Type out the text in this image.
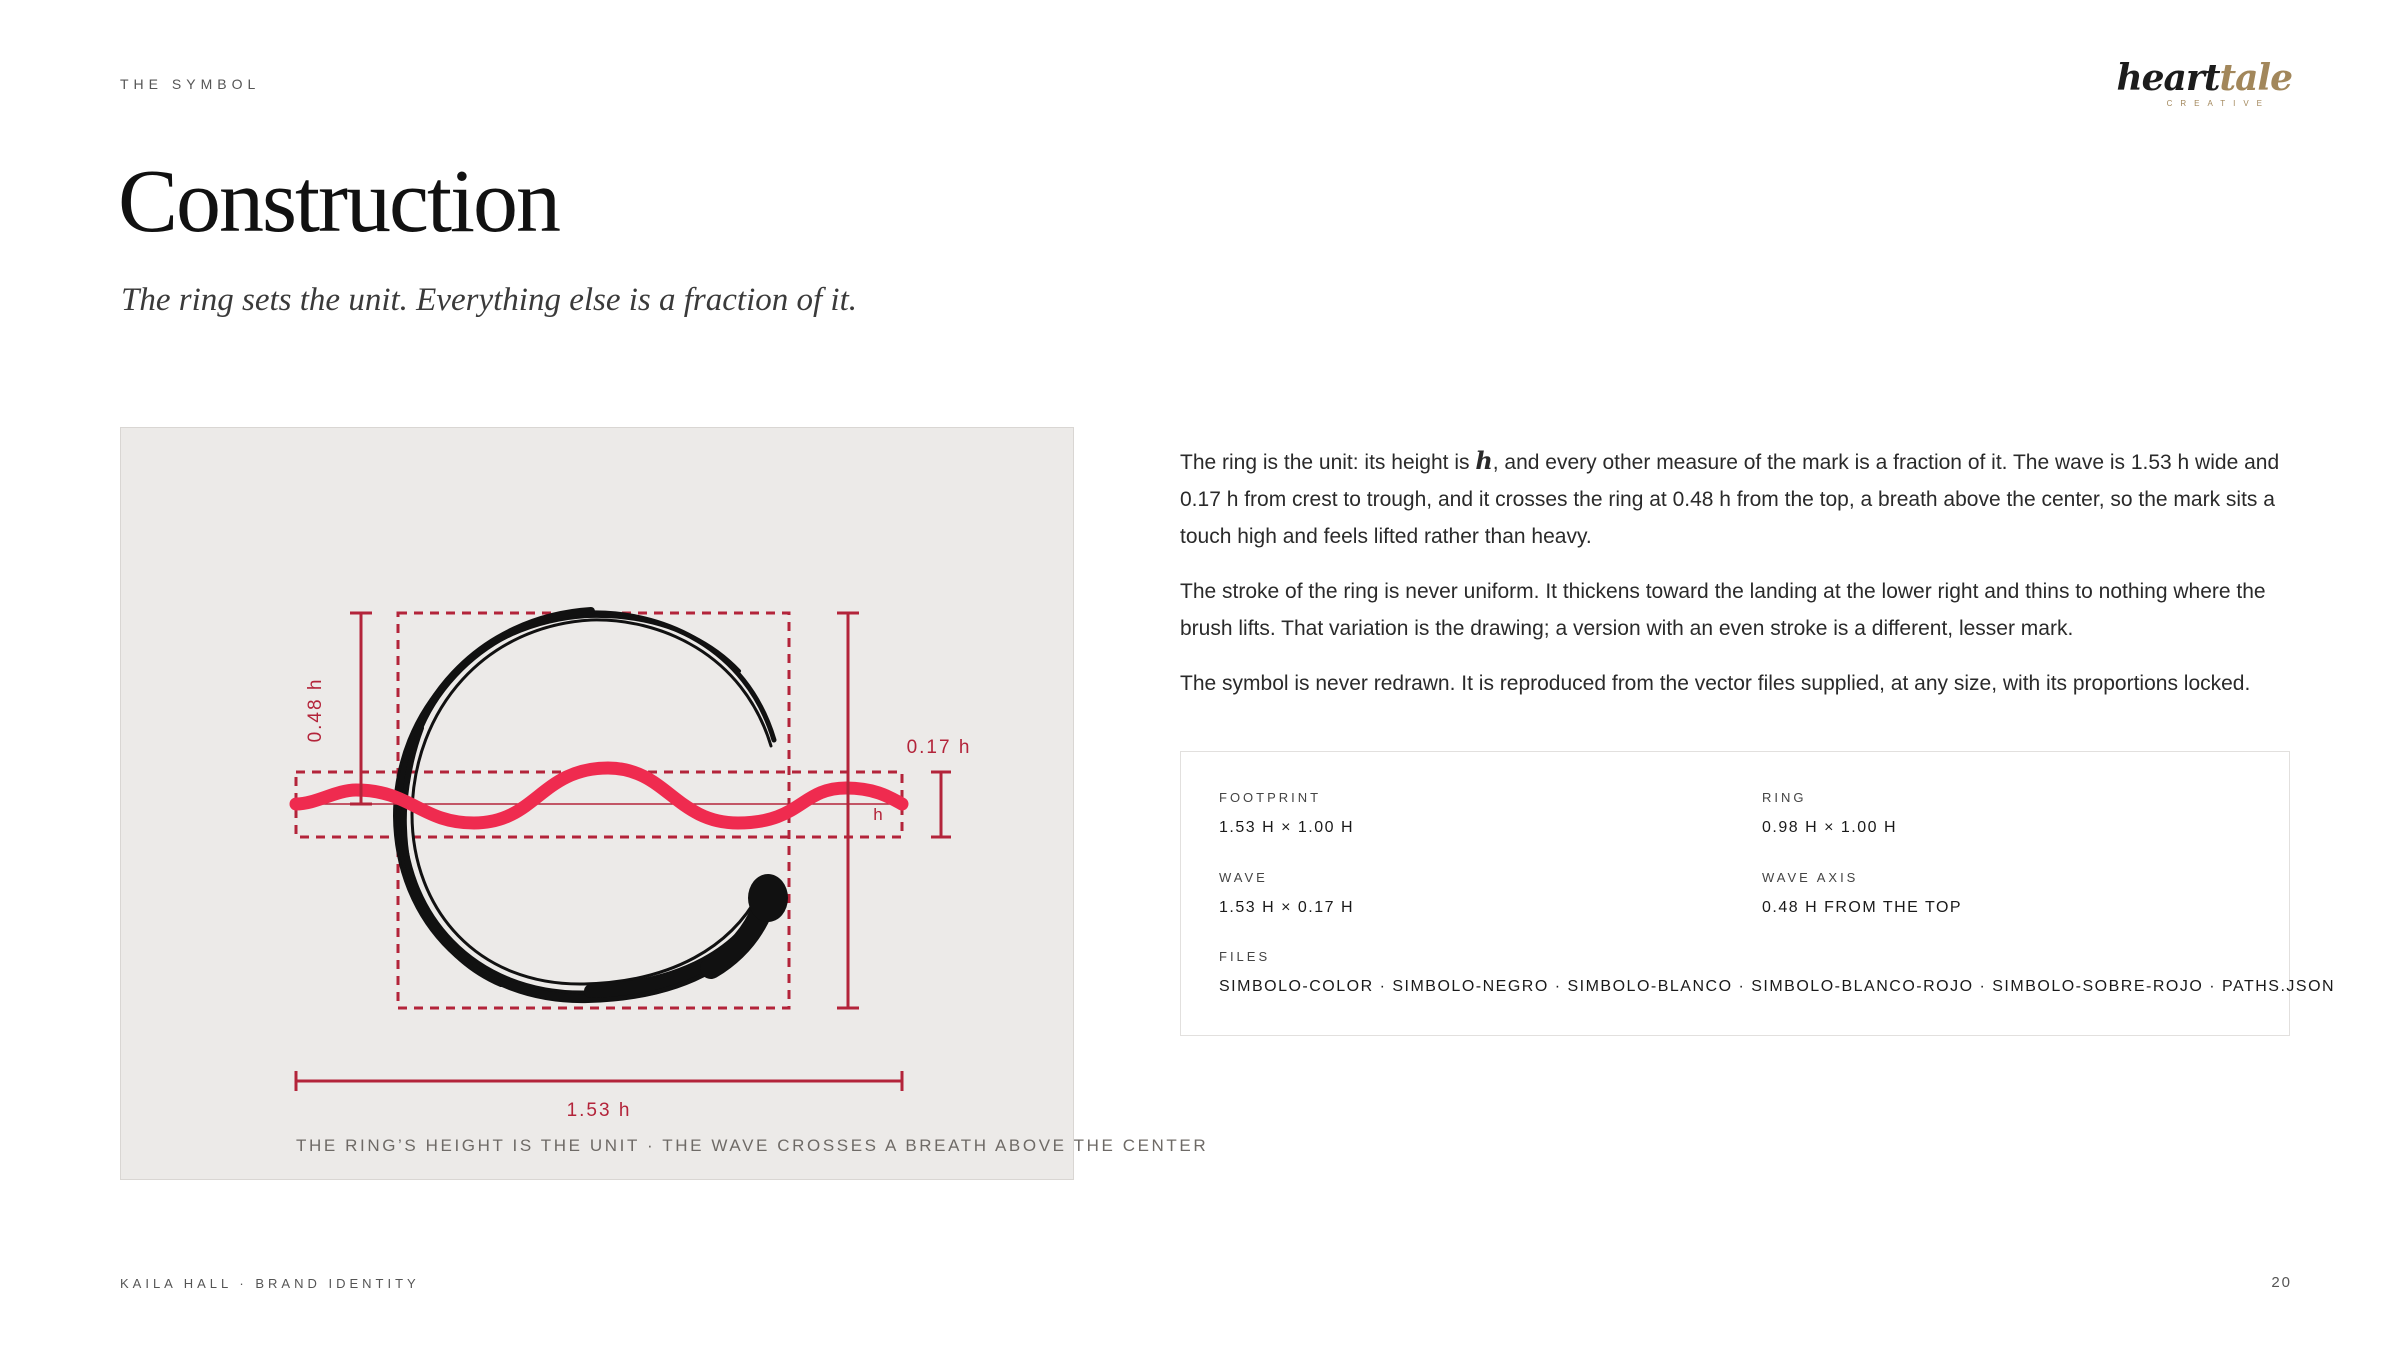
THE SYMBOL	hearttale
CREATIVE
Construction
The ring sets the unit. Everything else is a fraction of it.
0.48 h
0.17 h
h
1.53 h
THE RING’S HEIGHT IS THE UNIT · THE WAVE CROSSES A BREATH ABOVE THE CENTER

The ring is the unit: its height is h, and every other measure of the mark is a fraction of it. The wave is 1.53 h wide and 0.17 h from crest to trough, and it crosses the ring at 0.48 h from the top, a breath above the center, so the mark sits a touch high and feels lifted rather than heavy.

The stroke of the ring is never uniform. It thickens toward the landing at the lower right and thins to nothing where the brush lifts. That variation is the drawing; a version with an even stroke is a different, lesser mark.

The symbol is never redrawn. It is reproduced from the vector files supplied, at any size, with its proportions locked.

FOOTPRINT
1.53 H × 1.00 H
RING
0.98 H × 1.00 H
WAVE
1.53 H × 0.17 H
WAVE AXIS
0.48 H FROM THE TOP
FILES
SIMBOLO-COLOR · SIMBOLO-NEGRO · SIMBOLO-BLANCO · SIMBOLO-BLANCO-ROJO · SIMBOLO-SOBRE-ROJO · PATHS.JSON
KAILA HALL · BRAND IDENTITY	20
